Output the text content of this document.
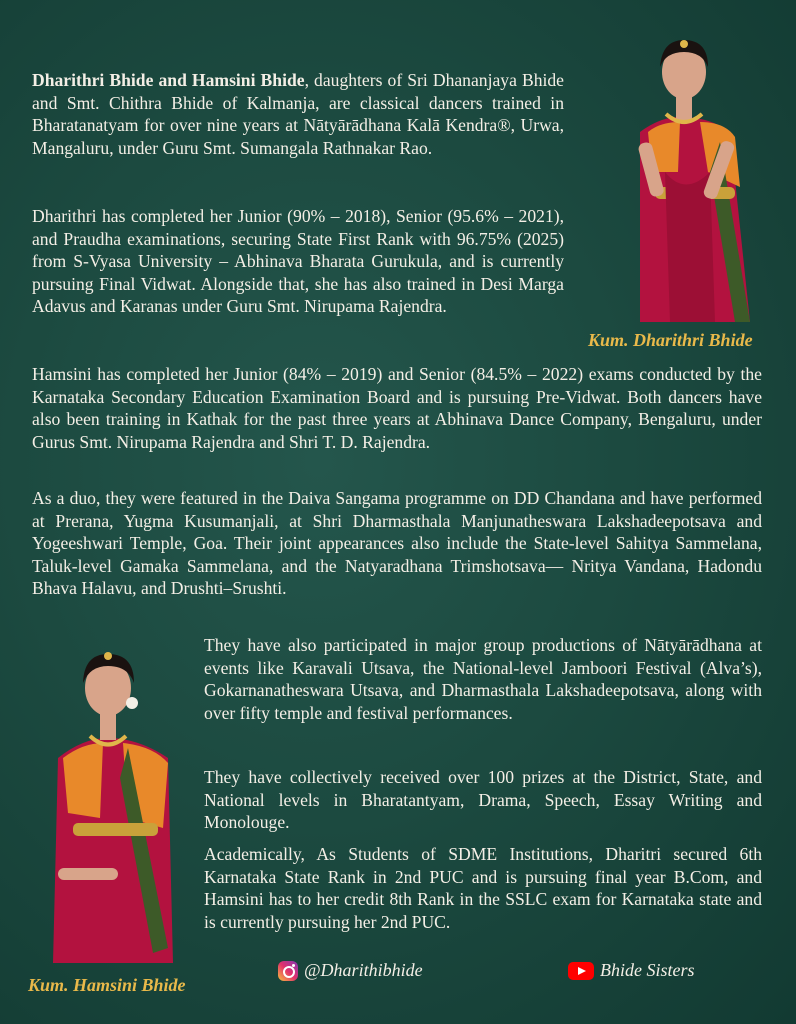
Dharithri Bhide and Hamsini Bhide, daughters of Sri Dhananjaya Bhide and Smt. Chithra Bhide of Kalmanja, are classical dancers trained in Bharatanatyam for over nine years at Nātyārādhana Kalā Kendra®, Urwa, Mangaluru, under Guru Smt. Sumangala Rathnakar Rao.

Dharithri has completed her Junior (90% – 2018), Senior (95.6% – 2021), and Praudha examinations, securing State First Rank with 96.75% (2025) from S-Vyasa University – Abhinava Bharata Gurukula, and is currently pursuing Final Vidwat. Alongside that, she has also trained in Desi Marga Adavus and Karanas under Guru Smt. Nirupama Rajendra.

Kum. Dharithri Bhide

Hamsini has completed her Junior (84% – 2019) and Senior (84.5% – 2022) exams conducted by the Karnataka Secondary Education Examination Board and is pursuing Pre-Vidwat. Both dancers have also been training in Kathak for the past three years at Abhinava Dance Company, Bengaluru, under Gurus Smt. Nirupama Rajendra and Shri T. D. Rajendra.

As a duo, they were featured in the Daiva Sangama programme on DD Chandana and have performed at Prerana, Yugma Kusumanjali, at Shri Dharmasthala Manjunatheswara Lakshadeepotsava and Yogeeshwari Temple, Goa. Their joint appearances also include the State-level Sahitya Sammelana, Taluk-level Gamaka Sammelana, and the Natyaradhana Trimshotsava— Nritya Vandana, Hadondu Bhava Halavu, and Drushti–Srushti.

Kum. Hamsini Bhide

They have also participated in major group productions of Nātyārādhana at events like Karavali Utsava, the National-level Jamboori Festival (Alva’s), Gokarnanatheswara Utsava, and Dharmasthala Lakshadeepotsava, along with over fifty temple and festival performances.

They have collectively received over 100 prizes at the District, State, and National levels in Bharatantyam, Drama, Speech, Essay Writing and Monolouge.

Academically, As Students of SDME Institutions, Dharitri secured 6th Karnataka State Rank in 2nd PUC and is pursuing final year B.Com, and Hamsini has to her credit 8th Rank in the SSLC exam for Karnataka state and is currently pursuing her 2nd PUC.

@Dharithibhide	Bhide Sisters
